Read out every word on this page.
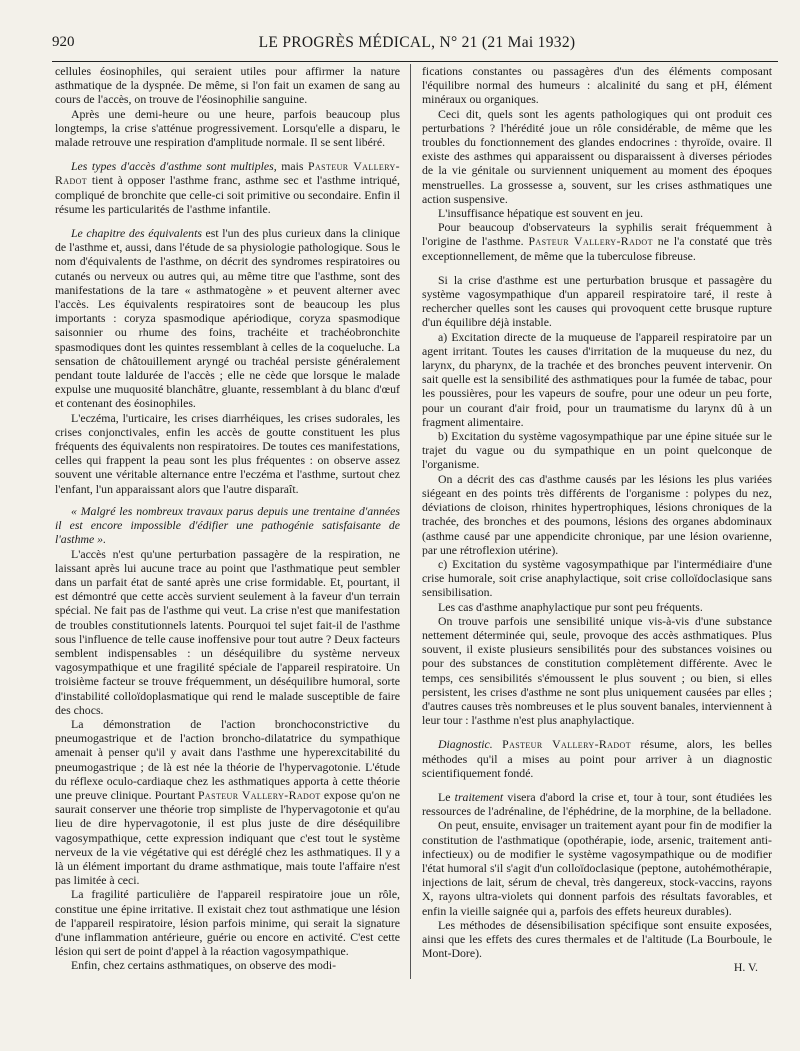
920	LE PROGRÈS MÉDICAL, N° 21 (21 Mai 1932)

cellules éosinophiles, qui seraient utiles pour affirmer la nature asthmatique de la dyspnée. De même, si l'on fait un examen de sang au cours de l'accès, on trouve de l'éosinophilie sanguine.

Après une demi-heure ou une heure, parfois beaucoup plus longtemps, la crise s'atténue progressivement. Lorsqu'elle a disparu, le malade retrouve une respiration d'amplitude normale. Il se sent libéré.

Les types d'accès d'asthme sont multiples, mais Pasteur Vallery-Radot tient à opposer l'asthme franc, asthme sec et l'asthme intriqué, compliqué de bronchite que celle-ci soit primitive ou secondaire. Enfin il résume les particularités de l'asthme infantile.

Le chapitre des équivalents est l'un des plus curieux dans la clinique de l'asthme et, aussi, dans l'étude de sa physiologie pathologique. Sous le nom d'équivalents de l'asthme, on décrit des syndromes respiratoires ou cutanés ou nerveux ou autres qui, au même titre que l'asthme, sont des manifestations de la tare « asthmatogène » et peuvent alterner avec l'accès. Les équivalents respiratoires sont de beaucoup les plus importants : coryza spasmodique apériodique, coryza spasmodique saisonnier ou rhume des foins, trachéite et trachéobronchite spasmodiques dont les quintes ressemblant à celles de la coqueluche. La sensation de châtouillement aryngé ou trachéal persiste généralement pendant toute laldurée de l'accès ; elle ne cède que lorsque le malade expulse une muquosité blanchâtre, gluante, ressemblant à du blanc d'œuf et contenant des éosinophiles.

L'eczéma, l'urticaire, les crises diarrhéiques, les crises sudorales, les crises conjonctivales, enfin les accès de goutte constituent les plus fréquents des équivalents non respiratoires. De toutes ces manifestations, celles qui frappent la peau sont les plus fréquentes : on observe assez souvent une véritable alternance entre l'eczéma et l'asthme, surtout chez l'enfant, l'un apparaissant alors que l'autre disparaît.

« Malgré les nombreux travaux parus depuis une trentaine d'années il est encore impossible d'édifier une pathogénie satisfaisante de l'asthme ».

L'accès n'est qu'une perturbation passagère de la respiration, ne laissant après lui aucune trace au point que l'asthmatique peut sembler dans un parfait état de santé après une crise formidable. Et, pourtant, il est démontré que cette accès survient seulement à la faveur d'un terrain spécial. Ne fait pas de l'asthme qui veut. La crise n'est que manifestation de troubles constitutionnels latents. Pourquoi tel sujet fait-il de l'asthme sous l'influence de telle cause inoffensive pour tout autre ? Deux facteurs semblent indispensables : un déséquilibre du système nerveux vagosympathique et une fragilité spéciale de l'appareil respiratoire. Un troisième facteur se trouve fréquemment, un déséquilibre humoral, sorte d'instabilité colloïdoplasmatique qui rend le malade susceptible de faire des chocs.

La démonstration de l'action bronchoconstrictive du pneumogastrique et de l'action broncho-dilatatrice du sympathique amenait à penser qu'il y avait dans l'asthme une hyperexcitabilité du pneumogastrique ; de là est née la théorie de l'hypervagotonie. L'étude du réflexe oculo-cardiaque chez les asthmatiques apporta à cette théorie une preuve clinique. Pourtant Pasteur Vallery-Radot expose qu'on ne saurait conserver une théorie trop simpliste de l'hypervagotonie et qu'au lieu de dire hypervagotonie, il est plus juste de dire déséquilibre vagosympathique, cette expression indiquant que c'est tout le système nerveux de la vie végétative qui est déréglé chez les asthmatiques. Il y a là un élément important du drame asthmatique, mais toute l'affaire n'est pas limitée à ceci.

La fragilité particulière de l'appareil respiratoire joue un rôle, constitue une épine irritative. Il existait chez tout asthmatique une lésion de l'appareil respiratoire, lésion parfois minime, qui serait la signature d'une inflammation antérieure, guérie ou encore en activité. C'est cette lésion qui sert de point d'appel à la réaction vagosympathique.

Enfin, chez certains asthmatiques, on observe des modi-

fications constantes ou passagères d'un des éléments composant l'équilibre normal des humeurs : alcalinité du sang et pH, élément minéraux ou organiques.

Ceci dit, quels sont les agents pathologiques qui ont produit ces perturbations ? l'hérédité joue un rôle considérable, de même que les troubles du fonctionnement des glandes endocrines : thyroïde, ovaire. Il existe des asthmes qui apparaissent ou disparaissent à diverses périodes de la vie génitale ou surviennent uniquement au moment des époques menstruelles. La grossesse a, souvent, sur les crises asthmatiques une action suspensive.

L'insuffisance hépatique est souvent en jeu.

Pour beaucoup d'observateurs la syphilis serait fréquemment à l'origine de l'asthme. Pasteur Vallery-Radot ne l'a constaté que très exceptionnellement, de même que la tuberculose fibreuse.

Si la crise d'asthme est une perturbation brusque et passagère du système vagosympathique d'un appareil respiratoire taré, il reste à rechercher quelles sont les causes qui provoquent cette brusque rupture d'un équilibre déjà instable.

a) Excitation directe de la muqueuse de l'appareil respiratoire par un agent irritant. Toutes les causes d'irritation de la muqueuse du nez, du larynx, du pharynx, de la trachée et des bronches peuvent intervenir. On sait quelle est la sensibilité des asthmatiques pour la fumée de tabac, pour les poussières, pour les vapeurs de soufre, pour une odeur un peu forte, pour un courant d'air froid, pour un traumatisme du larynx dû à un fragment alimentaire.

b) Excitation du système vagosympathique par une épine située sur le trajet du vague ou du sympathique en un point quelconque de l'organisme.

On a décrit des cas d'asthme causés par les lésions les plus variées siégeant en des points très différents de l'organisme : polypes du nez, déviations de cloison, rhinites hypertrophiques, lésions chroniques de la trachée, des bronches et des poumons, lésions des organes abdominaux (asthme causé par une appendicite chronique, par une lésion ovarienne, par une rétroflexion utérine).

c) Excitation du système vagosympathique par l'intermédiaire d'une crise humorale, soit crise anaphylactique, soit crise colloïdoclasique sans sensibilisation.

Les cas d'asthme anaphylactique pur sont peu fréquents.

On trouve parfois une sensibilité unique vis-à-vis d'une substance nettement déterminée qui, seule, provoque des accès asthmatiques. Plus souvent, il existe plusieurs sensibilités pour des substances voisines ou pour des substances de constitution complètement différente. Avec le temps, ces sensibilités s'émoussent le plus souvent ; ou bien, si elles persistent, les crises d'asthme ne sont plus uniquement causées par elles ; d'autres causes très nombreuses et le plus souvent banales, interviennent à leur tour : l'asthme n'est plus anaphylactique.

Diagnostic. Pasteur Vallery-Radot résume, alors, les belles méthodes qu'il a mises au point pour arriver à un diagnostic scientifiquement fondé.

Le traitement visera d'abord la crise et, tour à tour, sont étudiées les ressources de l'adrénaline, de l'éphédrine, de la morphine, de la belladone.

On peut, ensuite, envisager un traitement ayant pour fin de modifier la constitution de l'asthmatique (opothérapie, iode, arsenic, traitement anti-infectieux) ou de modifier le système vagosympathique ou de modifier l'état humoral s'il s'agit d'un colloïdoclasique (peptone, autohémothérapie, injections de lait, sérum de cheval, très dangereux, stock-vaccins, rayons X, rayons ultra-violets qui donnent parfois des résultats favorables, et enfin la vieille saignée qui a, parfois des effets heureux durables).

Les méthodes de désensibilisation spécifique sont ensuite exposées, ainsi que les effets des cures thermales et de l'altitude (La Bourboule, le Mont-Dore).

H. V.
